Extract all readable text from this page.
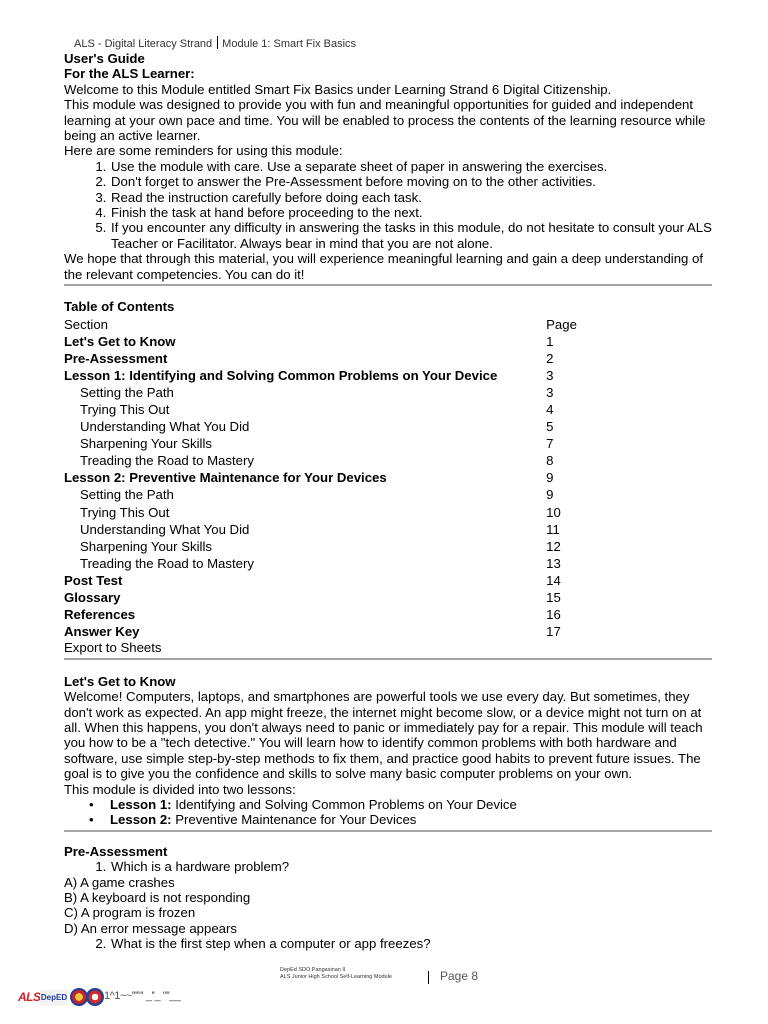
ALS - Digital Literacy Strand Module 1: Smart Fix Basics

User's Guide

For the ALS Learner:

Welcome to this Module entitled Smart Fix Basics under Learning Strand 6 Digital Citizenship.

This module was designed to provide you with fun and meaningful opportunities for guided and independent learning at your own pace and time. You will be enabled to process the contents of the learning resource while being an active learner.

Here are some reminders for using this module:

1. Use the module with care. Use a separate sheet of paper in answering the exercises.
2. Don't forget to answer the Pre-Assessment before moving on to the other activities.
3. Read the instruction carefully before doing each task.
4. Finish the task at hand before proceeding to the next.
5. If you encounter any difficulty in answering the tasks in this module, do not hesitate to consult your ALS Teacher or Facilitator. Always bear in mind that you are not alone.

We hope that through this material, you will experience meaningful learning and gain a deep understanding of the relevant competencies. You can do it!

Table of Contents

Section	Page
Let's Get to Know	1
Pre-Assessment	2
Lesson 1: Identifying and Solving Common Problems on Your Device	3
Setting the Path	3
Trying This Out	4
Understanding What You Did	5
Sharpening Your Skills	7
Treading the Road to Mastery	8
Lesson 2: Preventive Maintenance for Your Devices	9
Setting the Path	9
Trying This Out	10
Understanding What You Did	11
Sharpening Your Skills	12
Treading the Road to Mastery	13
Post Test	14
Glossary	15
References	16
Answer Key	17

Export to Sheets

Let's Get to Know

Welcome! Computers, laptops, and smartphones are powerful tools we use every day. But sometimes, they don't work as expected. An app might freeze, the internet might become slow, or a device might not turn on at all. When this happens, you don't always need to panic or immediately pay for a repair. This module will teach you how to be a "tech detective." You will learn how to identify common problems with both hardware and software, use simple step-by-step methods to fix them, and practice good habits to prevent future issues. The goal is to give you the confidence and skills to solve many basic computer problems on your own.

This module is divided into two lessons:

• Lesson 1: Identifying and Solving Common Problems on Your Device
• Lesson 2: Preventive Maintenance for Your Devices

Pre-Assessment

1. Which is a hardware problem?

A) A game crashes

B) A keyboard is not responding

C) A program is frozen

D) An error message appears

2. What is the first step when a computer or app freezes?
DepEd SDO Pangasinan II
ALS Junior High School Self-Learning Module	Page 8
ALS DepED	1^1~~''''"' _''_ "''__
